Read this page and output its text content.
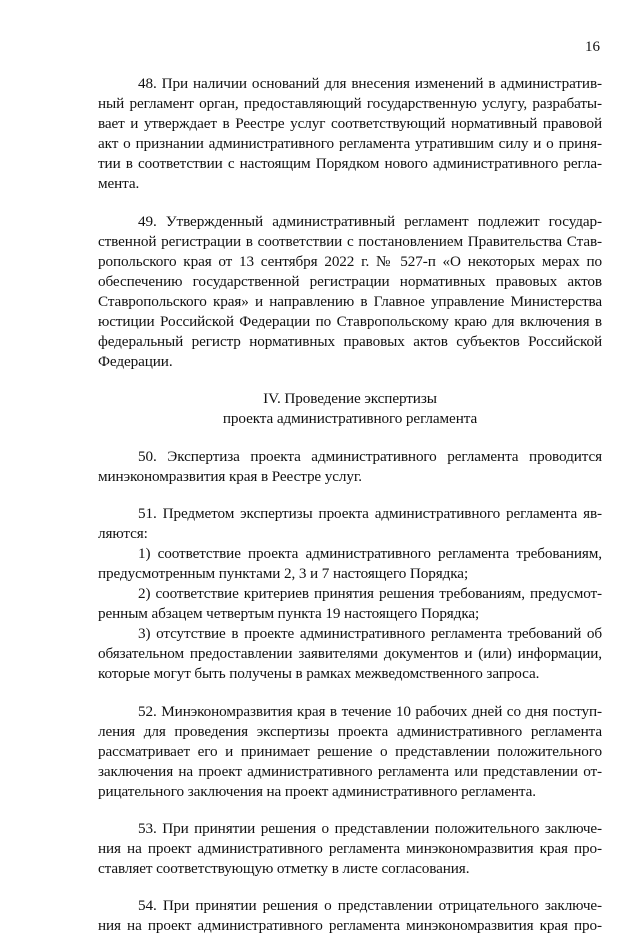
16
48. При наличии оснований для внесения изменений в административ-
ный регламент орган, предоставляющий государственную услугу, разрабаты-
вает и утверждает в Реестре услуг соответствующий нормативный правовой
акт о признании административного регламента утратившим силу и о приня-
тии в соответствии с настоящим Порядком нового административного регла-
мента.
49. Утвержденный административный регламент подлежит государ-
ственной регистрации в соответствии с постановлением Правительства Став-
ропольского края от 13 сентября 2022 г. № 527-п «О некоторых мерах по
обеспечению государственной регистрации нормативных правовых актов
Ставропольского края» и направлению в Главное управление Министерства
юстиции Российской Федерации по Ставропольскому краю для включения в
федеральный регистр нормативных правовых актов субъектов Российской
Федерации.
IV. Проведение экспертизы
проекта административного регламента
50. Экспертиза проекта административного регламента проводится
минэкономразвития края в Реестре услуг.
51. Предметом экспертизы проекта административного регламента яв-
ляются:
1) соответствие проекта административного регламента требованиям,
предусмотренным пунктами 2, 3 и 7 настоящего Порядка;
2) соответствие критериев принятия решения требованиям, предусмот-
ренным абзацем четвертым пункта 19 настоящего Порядка;
3) отсутствие в проекте административного регламента требований об
обязательном предоставлении заявителями документов и (или) информации,
которые могут быть получены в рамках межведомственного запроса.
52. Минэкономразвития края в течение 10 рабочих дней со дня поступ-
ления для проведения экспертизы проекта административного регламента
рассматривает его и принимает решение о представлении положительного
заключения на проект административного регламента или представлении от-
рицательного заключения на проект административного регламента.
53. При принятии решения о представлении положительного заключе-
ния на проект административного регламента минэкономразвития края про-
ставляет соответствующую отметку в листе согласования.
54. При принятии решения о представлении отрицательного заключе-
ния на проект административного регламента минэкономразвития края про-
